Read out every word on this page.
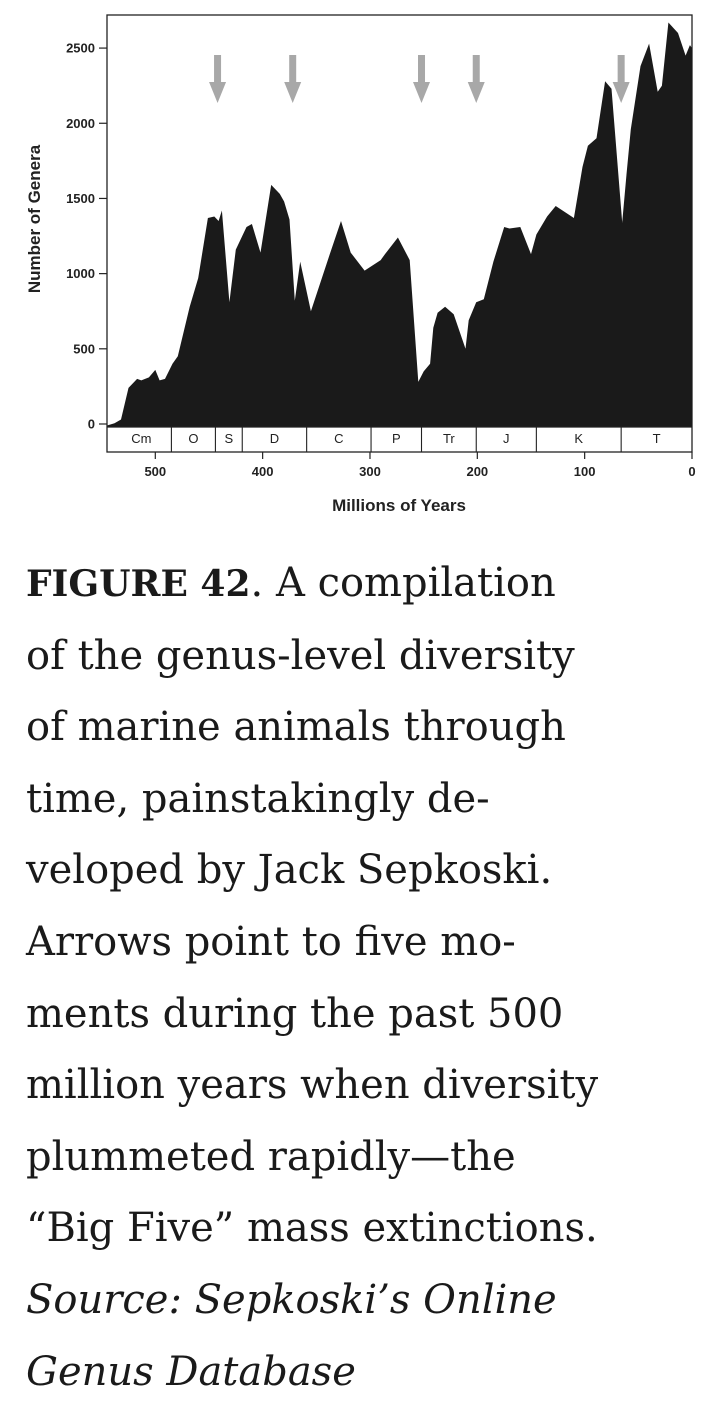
Cm	O S	D	C	P	Tr	J	K	T
0
500
1000
1500
2000
2500
500	400	300	200	100	0
Millions of Years
Number of Genera
FIGURE 42. A compilation
of the genus-level diversity
of marine animals through
time, painstakingly de-
veloped by Jack Sepkoski.
Arrows point to five mo-
ments during the past 500
million years when diversity
plummeted rapidly—the
“Big Five” mass extinctions.
Source: Sepkoski’s Online
Genus Database
